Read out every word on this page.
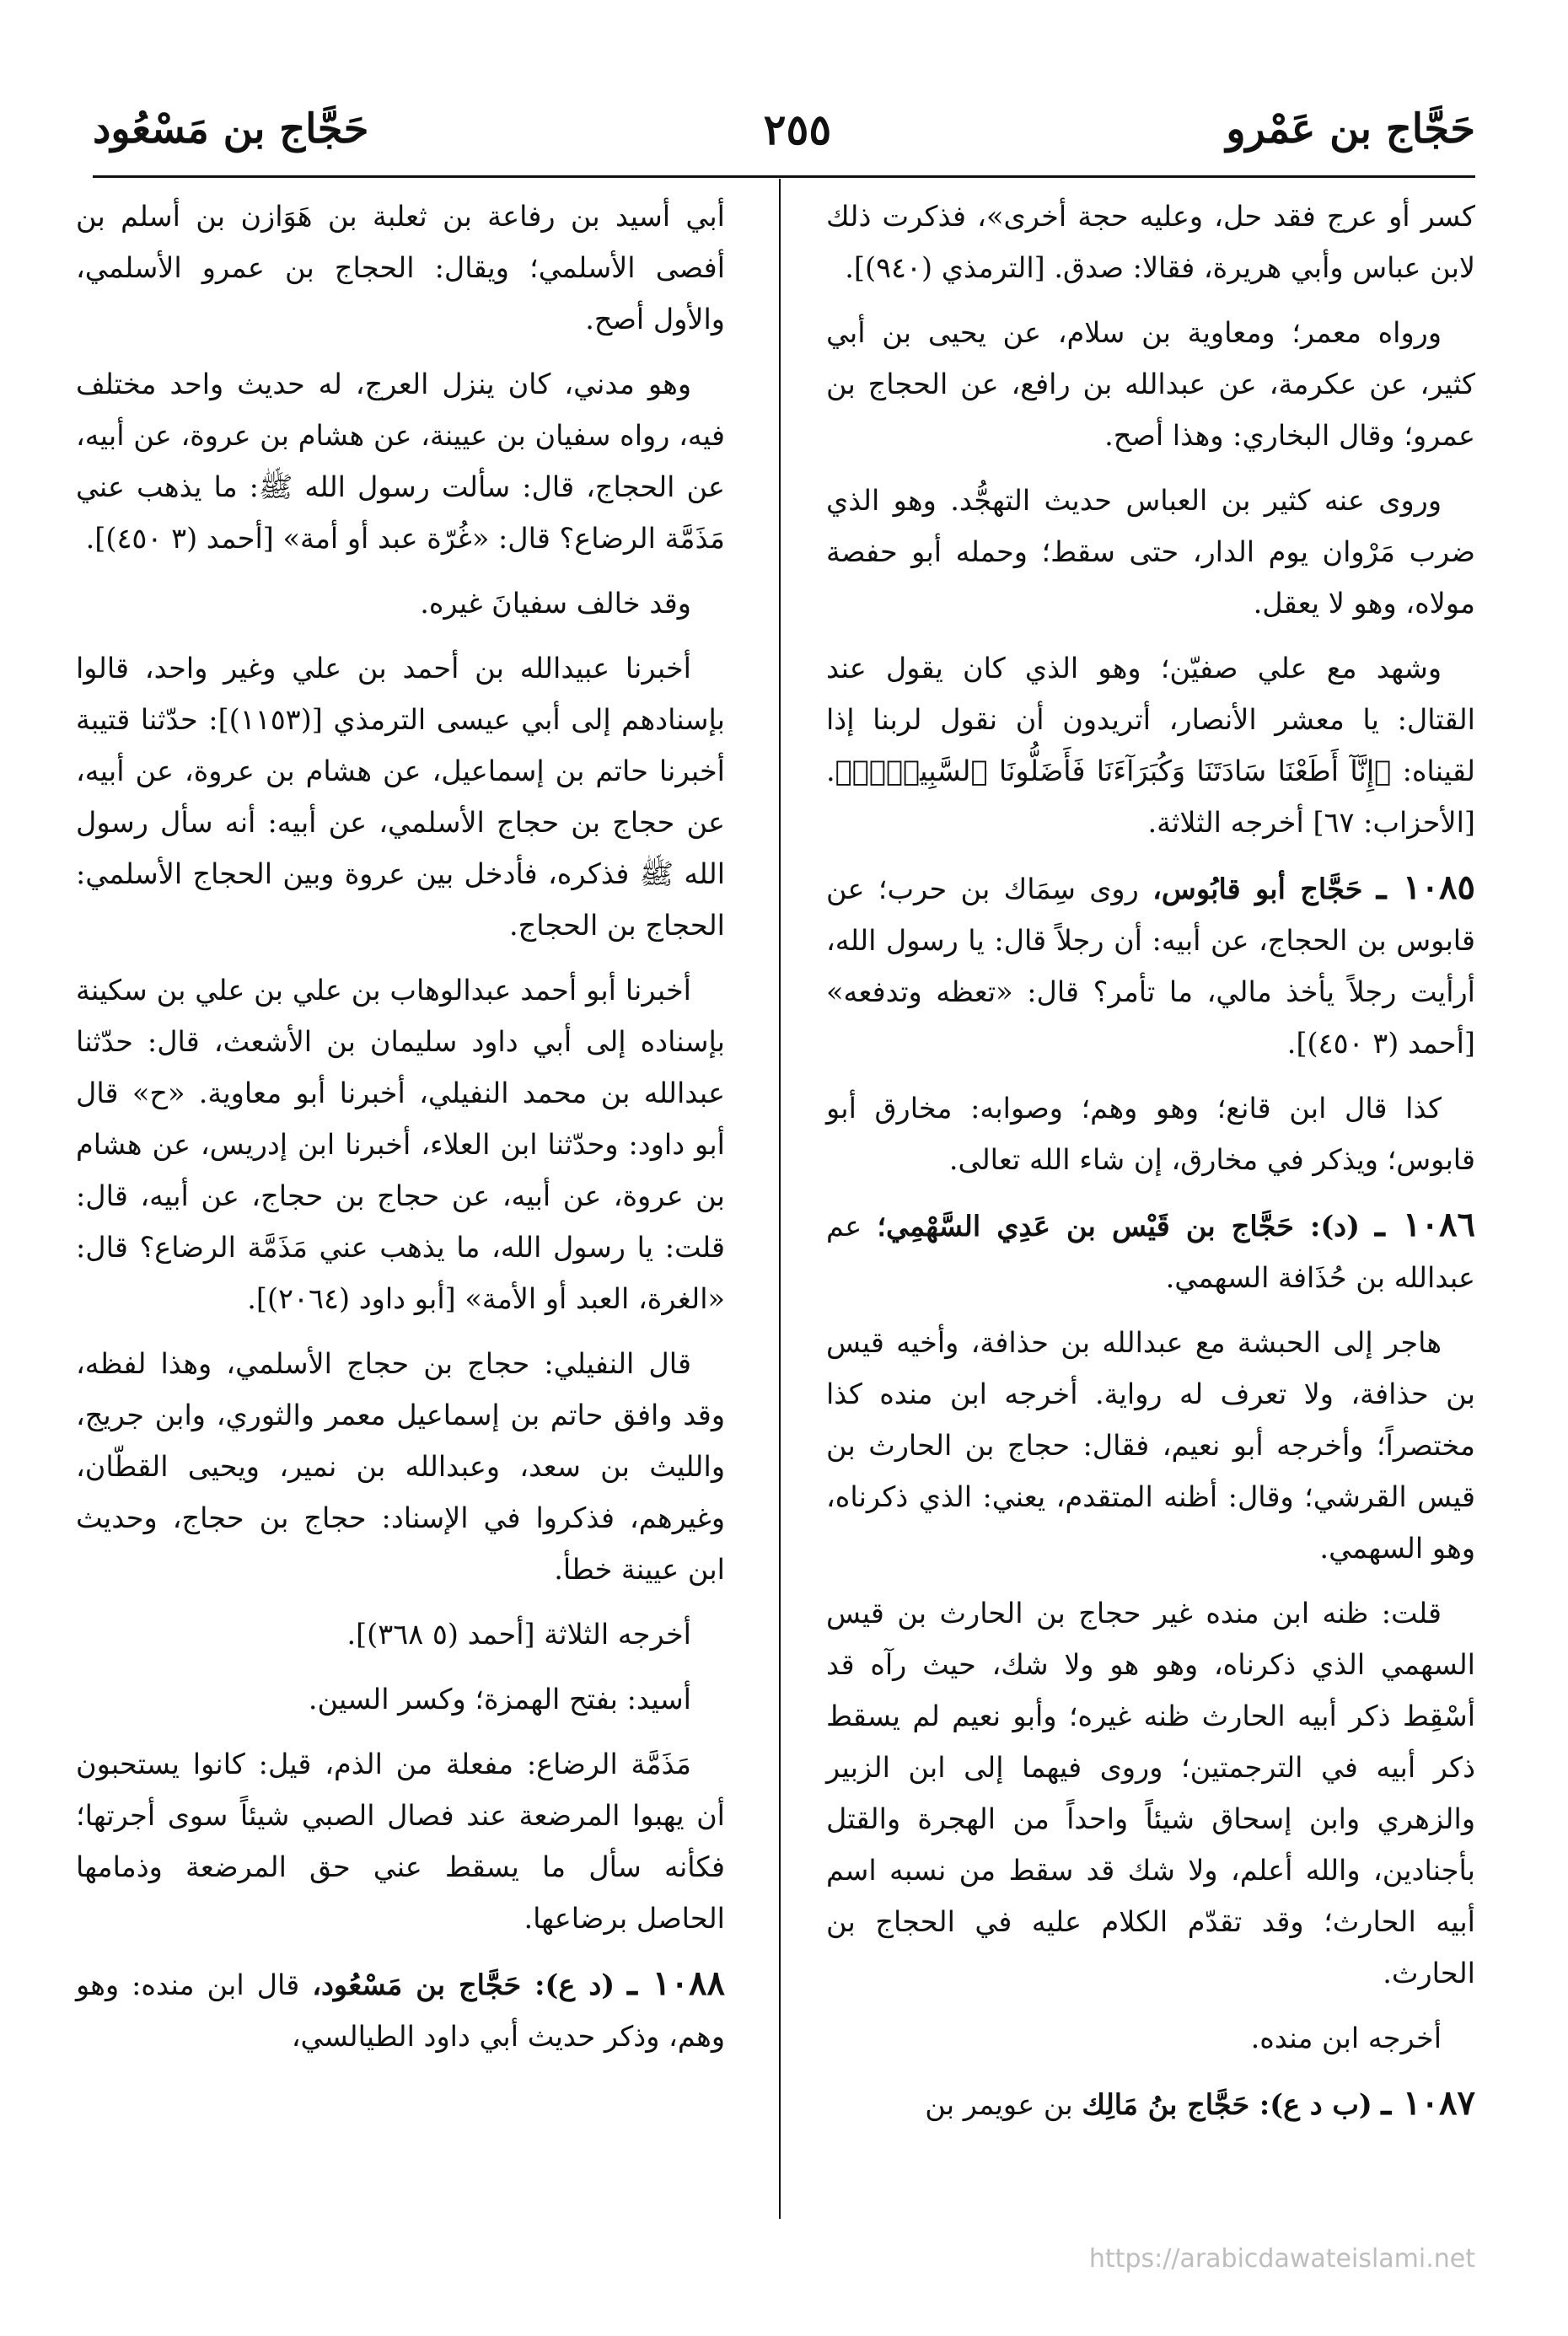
حَجَّاج بن عَمْرو
٢٥٥
حَجَّاج بن مَسْعُود

كسر أو عرج فقد حل، وعليه حجة أخرى»، فذكرت ذلك لابن عباس وأبي هريرة، فقالا: صدق. [الترمذي (٩٤٠)].

ورواه معمر؛ ومعاوية بن سلام، عن يحيى بن أبي كثير، عن عكرمة، عن عبدالله بن رافع، عن الحجاج بن عمرو؛ وقال البخاري: وهذا أصح.

وروى عنه كثير بن العباس حديث التهجُّد. وهو الذي ضرب مَرْوان يوم الدار، حتى سقط؛ وحمله أبو حفصة مولاه، وهو لا يعقل.

وشهد مع علي صفيّن؛ وهو الذي كان يقول عند القتال: يا معشر الأنصار، أتريدون أن نقول لربنا إذا لقيناه: ﴿إِنَّآ أَطَعْنَا سَادَتَنَا وَكُبَرَآءَنَا فَأَضَلُّونَا ٱلسَّبِيلَا۠﴾. [الأحزاب: ٦٧] أخرجه الثلاثة.

١٠٨٥ ـ حَجَّاج أبو قابُوس، روى سِمَاك بن حرب؛ عن قابوس بن الحجاج، عن أبيه: أن رجلاً قال: يا رسول الله، أرأيت رجلاً يأخذ مالي، ما تأمر؟ قال: «تعظه وتدفعه» [أحمد (٣ ٤٥٠)].

كذا قال ابن قانع؛ وهو وهم؛ وصوابه: مخارق أبو قابوس؛ ويذكر في مخارق، إن شاء الله تعالى.

١٠٨٦ ـ (د): حَجَّاج بن قَيْس بن عَدِي السَّهْمِي؛ عم عبدالله بن حُذَافة السهمي.

هاجر إلى الحبشة مع عبدالله بن حذافة، وأخيه قيس بن حذافة، ولا تعرف له رواية. أخرجه ابن منده كذا مختصراً؛ وأخرجه أبو نعيم، فقال: حجاج بن الحارث بن قيس القرشي؛ وقال: أظنه المتقدم، يعني: الذي ذكرناه، وهو السهمي.

قلت: ظنه ابن منده غير حجاج بن الحارث بن قيس السهمي الذي ذكرناه، وهو هو ولا شك، حيث رآه قد أسْقِط ذكر أبيه الحارث ظنه غيره؛ وأبو نعيم لم يسقط ذكر أبيه في الترجمتين؛ وروى فيهما إلى ابن الزبير والزهري وابن إسحاق شيئاً واحداً من الهجرة والقتل بأجنادين، والله أعلم، ولا شك قد سقط من نسبه اسم أبيه الحارث؛ وقد تقدّم الكلام عليه في الحجاج بن الحارث.

أخرجه ابن منده.

١٠٨٧ ـ (ب د ع): حَجَّاج بنُ مَالِك بن عويمر بن

أبي أسيد بن رفاعة بن ثعلبة بن هَوَازن بن أسلم بن أفصى الأسلمي؛ ويقال: الحجاج بن عمرو الأسلمي، والأول أصح.

وهو مدني، كان ينزل العرج، له حديث واحد مختلف فيه، رواه سفيان بن عيينة، عن هشام بن عروة، عن أبيه، عن الحجاج، قال: سألت رسول الله ﷺ: ما يذهب عني مَذَمَّة الرضاع؟ قال: «غُرّة عبد أو أمة» [أحمد (٣ ٤٥٠)].

وقد خالف سفيانَ غيره.

أخبرنا عبيدالله بن أحمد بن علي وغير واحد، قالوا بإسنادهم إلى أبي عيسى الترمذي [(١١٥٣)]: حدّثنا قتيبة أخبرنا حاتم بن إسماعيل، عن هشام بن عروة، عن أبيه، عن حجاج بن حجاج الأسلمي، عن أبيه: أنه سأل رسول الله ﷺ فذكره، فأدخل بين عروة وبين الحجاج الأسلمي: الحجاج بن الحجاج.

أخبرنا أبو أحمد عبدالوهاب بن علي بن علي بن سكينة بإسناده إلى أبي داود سليمان بن الأشعث، قال: حدّثنا عبدالله بن محمد النفيلي، أخبرنا أبو معاوية. «ح» قال أبو داود: وحدّثنا ابن العلاء، أخبرنا ابن إدريس، عن هشام بن عروة، عن أبيه، عن حجاج بن حجاج، عن أبيه، قال: قلت: يا رسول الله، ما يذهب عني مَذَمَّة الرضاع؟ قال: «الغرة، العبد أو الأمة» [أبو داود (٢٠٦٤)].

قال النفيلي: حجاج بن حجاج الأسلمي، وهذا لفظه، وقد وافق حاتم بن إسماعيل معمر والثوري، وابن جريج، والليث بن سعد، وعبدالله بن نمير، ويحيى القطّان، وغيرهم، فذكروا في الإسناد: حجاج بن حجاج، وحديث ابن عيينة خطأ.

أخرجه الثلاثة [أحمد (٥ ٣٦٨)].

أسيد: بفتح الهمزة؛ وكسر السين.

مَذَمَّة الرضاع: مفعلة من الذم، قيل: كانوا يستحبون أن يهبوا المرضعة عند فصال الصبي شيئاً سوى أجرتها؛ فكأنه سأل ما يسقط عني حق المرضعة وذمامها الحاصل برضاعها.

١٠٨٨ ـ (د ع): حَجَّاج بن مَسْعُود، قال ابن منده: وهو وهم، وذكر حديث أبي داود الطيالسي،

https://arabicdawateislami.net
